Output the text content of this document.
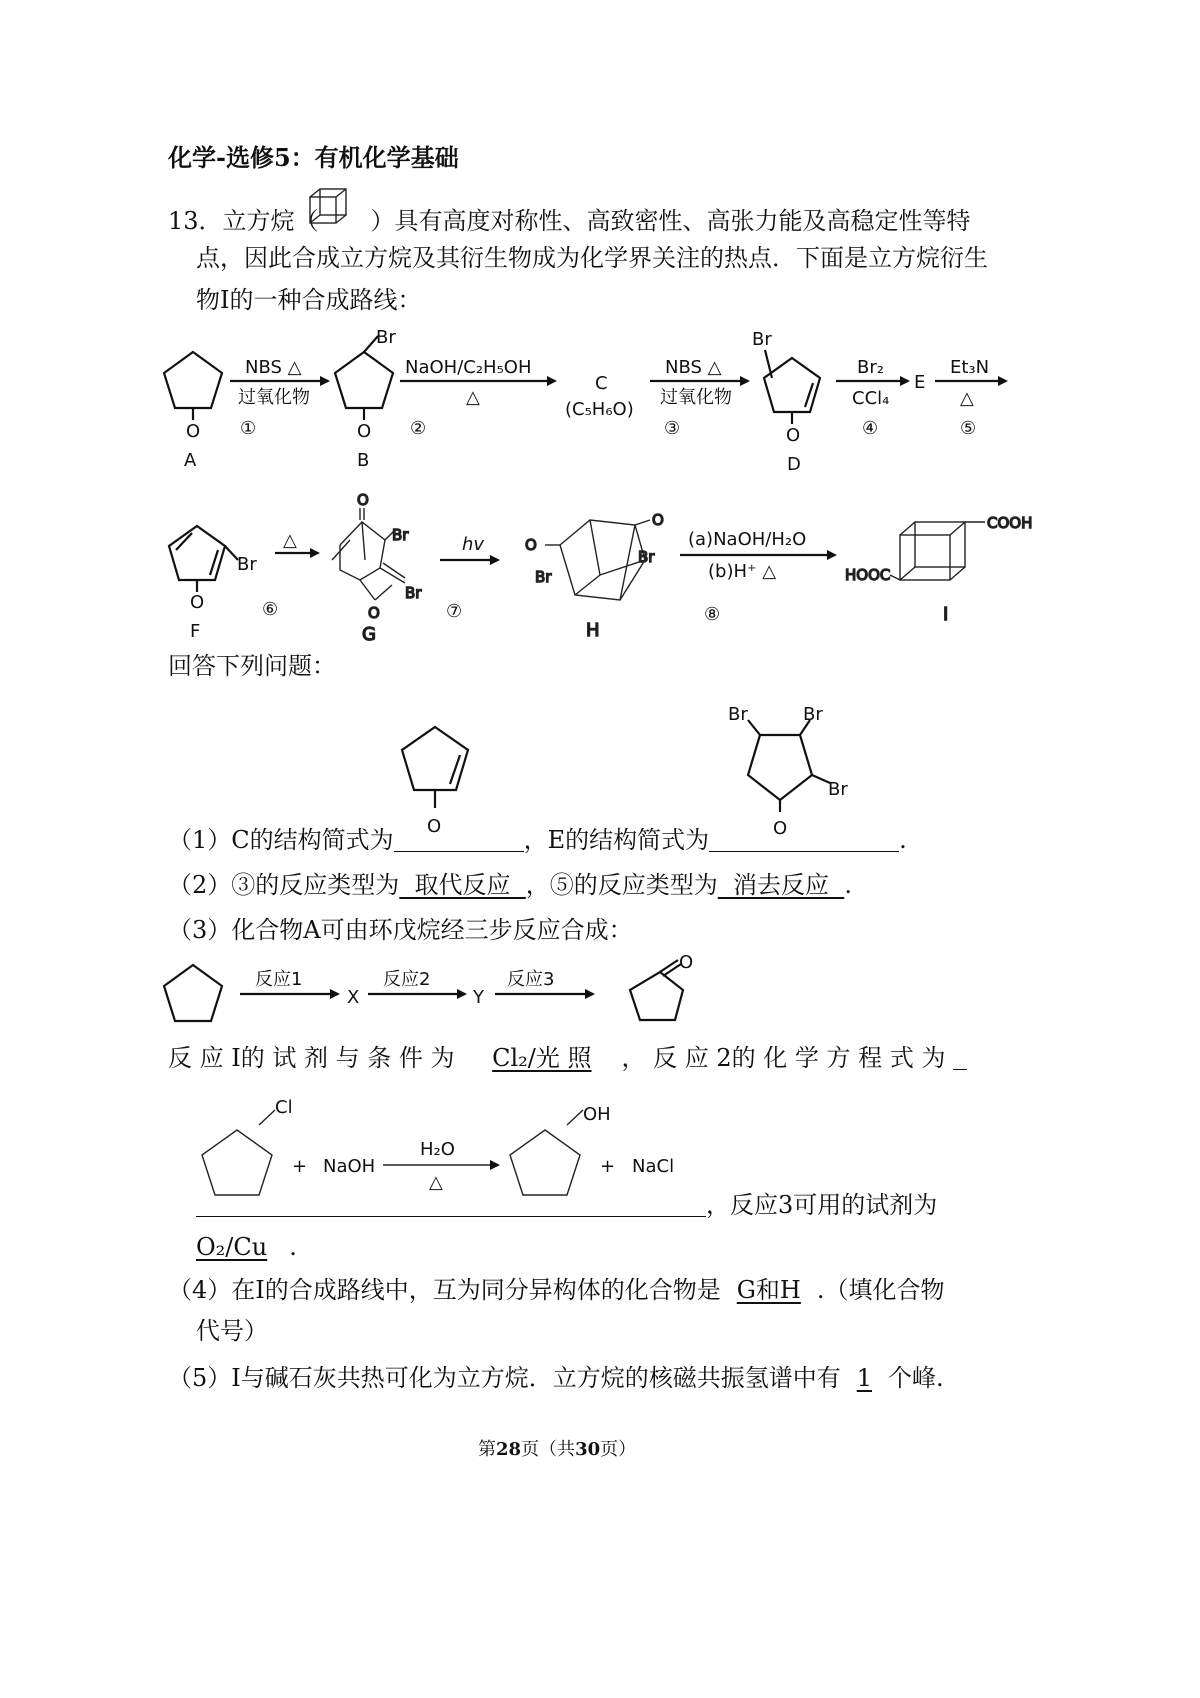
化学-选修5：有机化学基础
13．立方烷（ ）具有高度对称性、高致密性、高张力能及高稳定性等特
点，因此合成立方烷及其衍生物成为化学界关注的热点．下面是立方烷衍生
物I的一种合成路线：
O
A
NBS △
过氧化物
①
Br
O
B
NaOH/C₂H₅OH
△
②
C
(C₅H₆O)
NBS △
过氧化物
③
Br
O
D
Br₂
CCl₄
④
E
Et₃N
△
⑤
Br
O
F
△
⑥
O
Br
Br
O
G
hv
⑦
O
O
Br
Br
H
(a)NaOH/H₂O
(b)H⁺ △
⑧
COOH
HOOC
I
回答下列问题：
O
Br	Br
Br
O
（1）C的结构简式为	，E的结构简式为	.
（2）③的反应类型为  取代反应  ，⑤的反应类型为  消去反应  .
（3）化合物A可由环戊烷经三步反应合成：
反应1
X
反应2
Y
反应3
O
反 应 I的 试 剂 与 条 件 为 Cl₂/光 照 ， 反 应 2的 化 学 方 程 式 为
Cl
+ NaOH
H₂O
△
OH
+ NaCl
，反应3可用的试剂为
O₂/Cu .
（4）在I的合成路线中，互为同分异构体的化合物是 G和H .（填化合物
代号）
（5）I与碱石灰共热可化为立方烷．立方烷的核磁共振氢谱中有 1 个峰.
第28页（共30页）
